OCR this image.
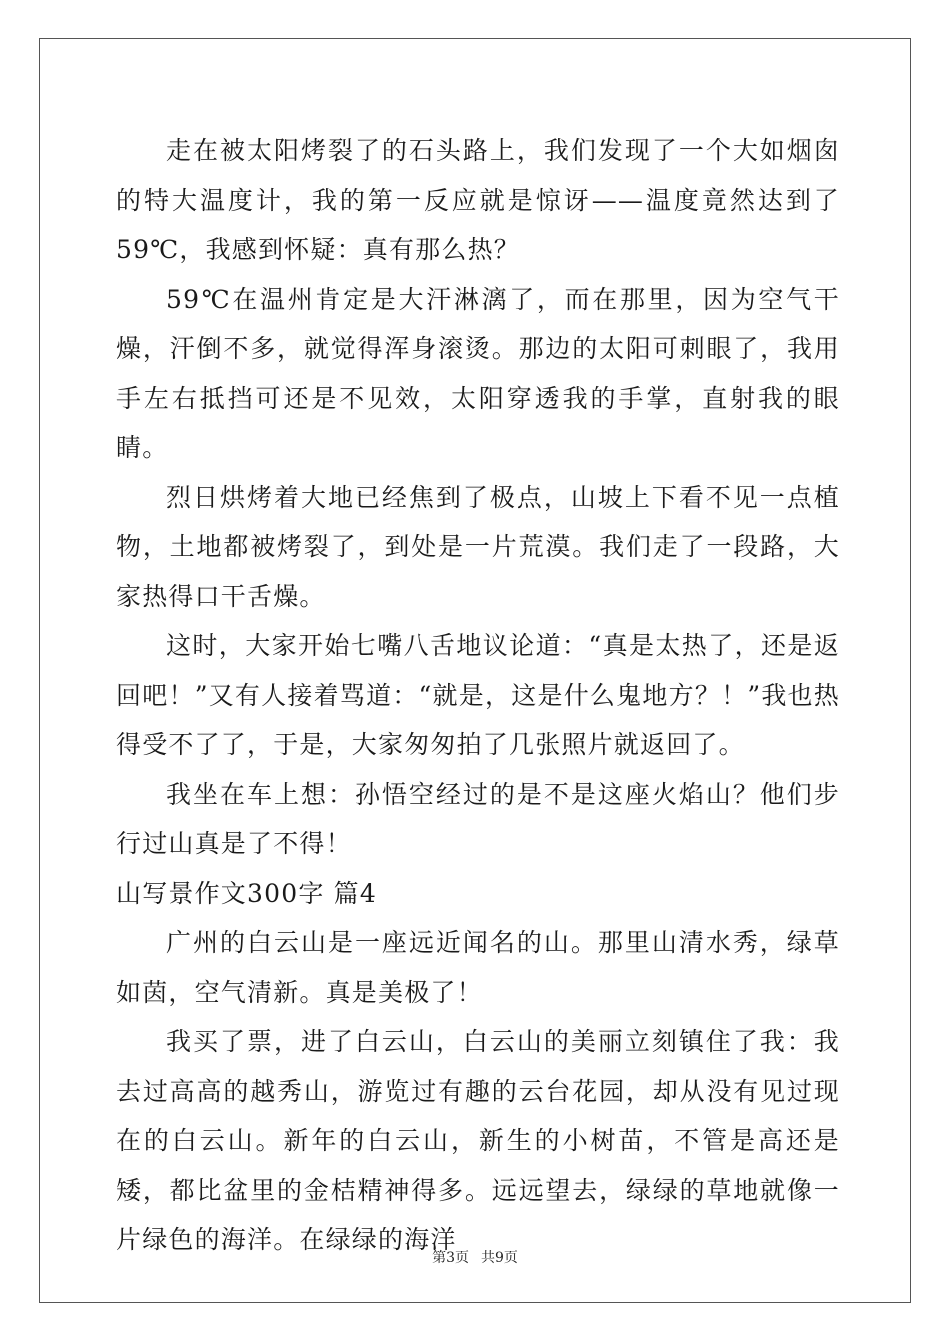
走在被太阳烤裂了的石头路上，我们发现了一个大如烟囱的特大温度计，我的第一反应就是惊讶——温度竟然达到了59℃，我感到怀疑：真有那么热？

59℃在温州肯定是大汗淋漓了，而在那里，因为空气干燥，汗倒不多，就觉得浑身滚烫。那边的太阳可刺眼了，我用手左右抵挡可还是不见效，太阳穿透我的手掌，直射我的眼睛。

烈日烘烤着大地已经焦到了极点，山坡上下看不见一点植物，土地都被烤裂了，到处是一片荒漠。我们走了一段路，大家热得口干舌燥。

这时，大家开始七嘴八舌地议论道：“真是太热了，还是返回吧！”又有人接着骂道：“就是，这是什么鬼地方？！”我也热得受不了了，于是，大家匆匆拍了几张照片就返回了。

我坐在车上想：孙悟空经过的是不是这座火焰山？他们步行过山真是了不得！

山写景作文300字 篇4

广州的白云山是一座远近闻名的山。那里山清水秀，绿草如茵，空气清新。真是美极了！

我买了票，进了白云山，白云山的美丽立刻镇住了我：我去过高高的越秀山，游览过有趣的云台花园，却从没有见过现在的白云山。新年的白云山，新生的小树苗，不管是高还是矮，都比盆里的金桔精神得多。远远望去，绿绿的草地就像一片绿色的海洋。在绿绿的海洋

第3页 共9页
